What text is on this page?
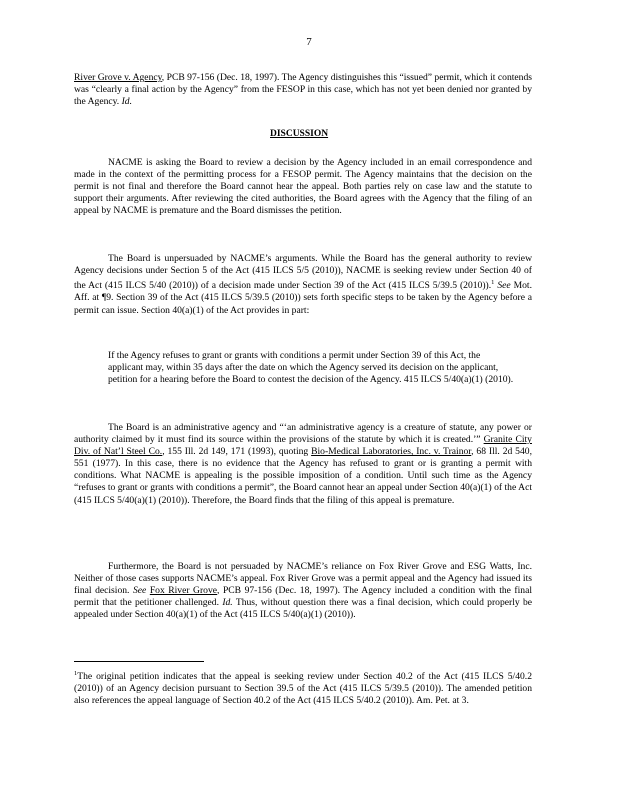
7

River Grove v. Agency, PCB 97-156 (Dec. 18, 1997). The Agency distinguishes this “issued” permit, which it contends was “clearly a final action by the Agency” from the FESOP in this case, which has not yet been denied nor granted by the Agency. Id.

DISCUSSION

NACME is asking the Board to review a decision by the Agency included in an email correspondence and made in the context of the permitting process for a FESOP permit. The Agency maintains that the decision on the permit is not final and therefore the Board cannot hear the appeal. Both parties rely on case law and the statute to support their arguments. After reviewing the cited authorities, the Board agrees with the Agency that the filing of an appeal by NACME is premature and the Board dismisses the petition.

The Board is unpersuaded by NACME’s arguments. While the Board has the general authority to review Agency decisions under Section 5 of the Act (415 ILCS 5/5 (2010)), NACME is seeking review under Section 40 of the Act (415 ILCS 5/40 (2010)) of a decision made under Section 39 of the Act (415 ILCS 5/39.5 (2010)).$^1$ See Mot. Aff. at ¶9. Section 39 of the Act (415 ILCS 5/39.5 (2010)) sets forth specific steps to be taken by the Agency before a permit can issue. Section 40(a)(1) of the Act provides in part:

If the Agency refuses to grant or grants with conditions a permit under Section 39 of this Act, the applicant may, within 35 days after the date on which the Agency served its decision on the applicant, petition for a hearing before the Board to contest the decision of the Agency. 415 ILCS 5/40(a)(1) (2010).

The Board is an administrative agency and “‘an administrative agency is a creature of statute, any power or authority claimed by it must find its source within the provisions of the statute by which it is created.’” Granite City Div. of Nat’l Steel Co., 155 Ill. 2d 149, 171 (1993), quoting Bio-Medical Laboratories, Inc. v. Trainor, 68 Ill. 2d 540, 551 (1977). In this case, there is no evidence that the Agency has refused to grant or is granting a permit with conditions. What NACME is appealing is the possible imposition of a condition. Until such time as the Agency “refuses to grant or grants with conditions a permit”, the Board cannot hear an appeal under Section 40(a)(1) of the Act (415 ILCS 5/40(a)(1) (2010)). Therefore, the Board finds that the filing of this appeal is premature.

Furthermore, the Board is not persuaded by NACME’s reliance on Fox River Grove and ESG Watts, Inc. Neither of those cases supports NACME’s appeal. Fox River Grove was a permit appeal and the Agency had issued its final decision. See Fox River Grove, PCB 97-156 (Dec. 18, 1997). The Agency included a condition with the final permit that the petitioner challenged. Id. Thus, without question there was a final decision, which could properly be appealed under Section 40(a)(1) of the Act (415 ILCS 5/40(a)(1) (2010)).

$^1$The original petition indicates that the appeal is seeking review under Section 40.2 of the Act (415 ILCS 5/40.2 (2010)) of an Agency decision pursuant to Section 39.5 of the Act (415 ILCS 5/39.5 (2010)). The amended petition also references the appeal language of Section 40.2 of the Act (415 ILCS 5/40.2 (2010)). Am. Pet. at 3.
